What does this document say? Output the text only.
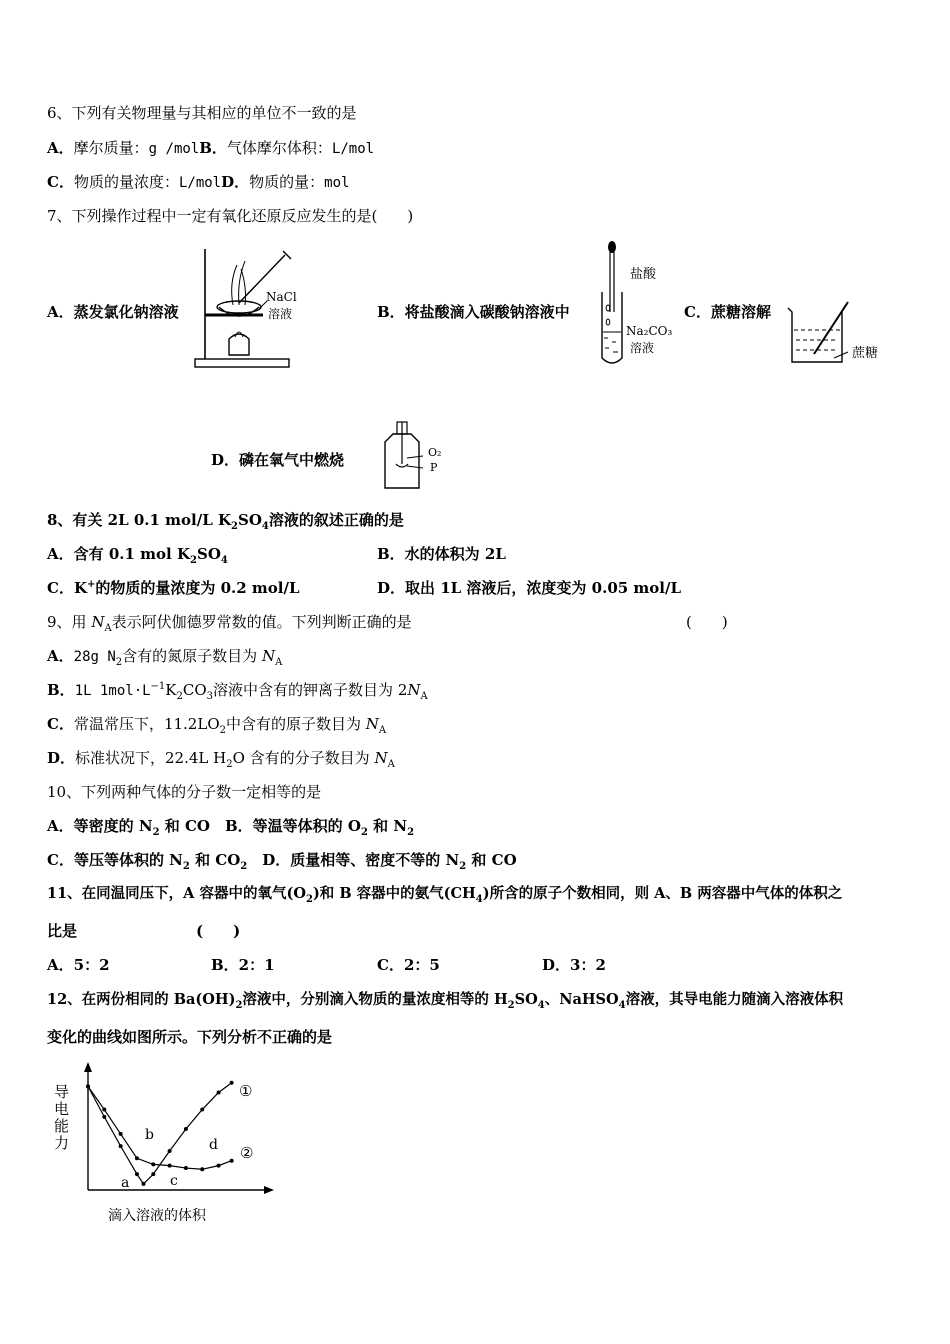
6、下列有关物理量与其相应的单位不一致的是
A．摩尔质量：g /molB．气体摩尔体积：L/mol
C．物质的量浓度：L/molD．物质的量：mol
7、下列操作过程中一定有氧化还原反应发生的是(　　)
A．蒸发氯化钠溶液
NaCl
溶液	B．将盐酸滴入碳酸钠溶液中
盐酸
Na₂CO₃
溶液
C．蔗糖溶解
蔗糖
D．磷在氧气中燃烧	O₂
P
8、有关 2L 0.1 mol/L $K_2SO_4$溶液的叙述正确的是
A．含有 0.1 mol $K_2SO_4$	B．水的体积为 2L
C．K+的物质的量浓度为 0.2 mol/L	D．取出 1L 溶液后，浓度变为 0.05 mol/L
9、用 $N_A$表示阿伏伽德罗常数的值。下列判断正确的是	(　　)
A．28g $N_2$含有的氮原子数目为 $N_A$
B．1L $1mol\cdot L^{-1}K_2CO_3$溶液中含有的钾离子数目为 $2N_A$
C．常温常压下，$11.2LO_2$中含有的原子数目为 $N_A$
D．标准状况下，22.4L $H_2O$ 含有的分子数目为 $N_A$
10、下列两种气体的分子数一定相等的是
A．等密度的 $N_2$ 和 CO  B．等温等体积的 $O_2$ 和 $N_2$
C．等压等体积的 $N_2$ 和 $CO_2$  D．质量相等、密度不等的 $N_2$ 和 CO
11、在同温同压下，A 容器中的氧气$(O_2)$和 B 容器中的氨气$(CH_4)$所含的原子个数相同，则 A、B 两容器中气体的体积之
比是	(　　)
A．5：2	B．2：1	C．2：5	D．3：2
12、在两份相同的 $Ba(OH)_2$溶液中，分别滴入物质的量浓度相等的 $H_2SO_4$、NaHSO$_4$溶液，其导电能力随滴入溶液体积
变化的曲线如图所示。下列分析不正确的是
导电能力
滴入溶液的体积
a
b
c
d
①
②
